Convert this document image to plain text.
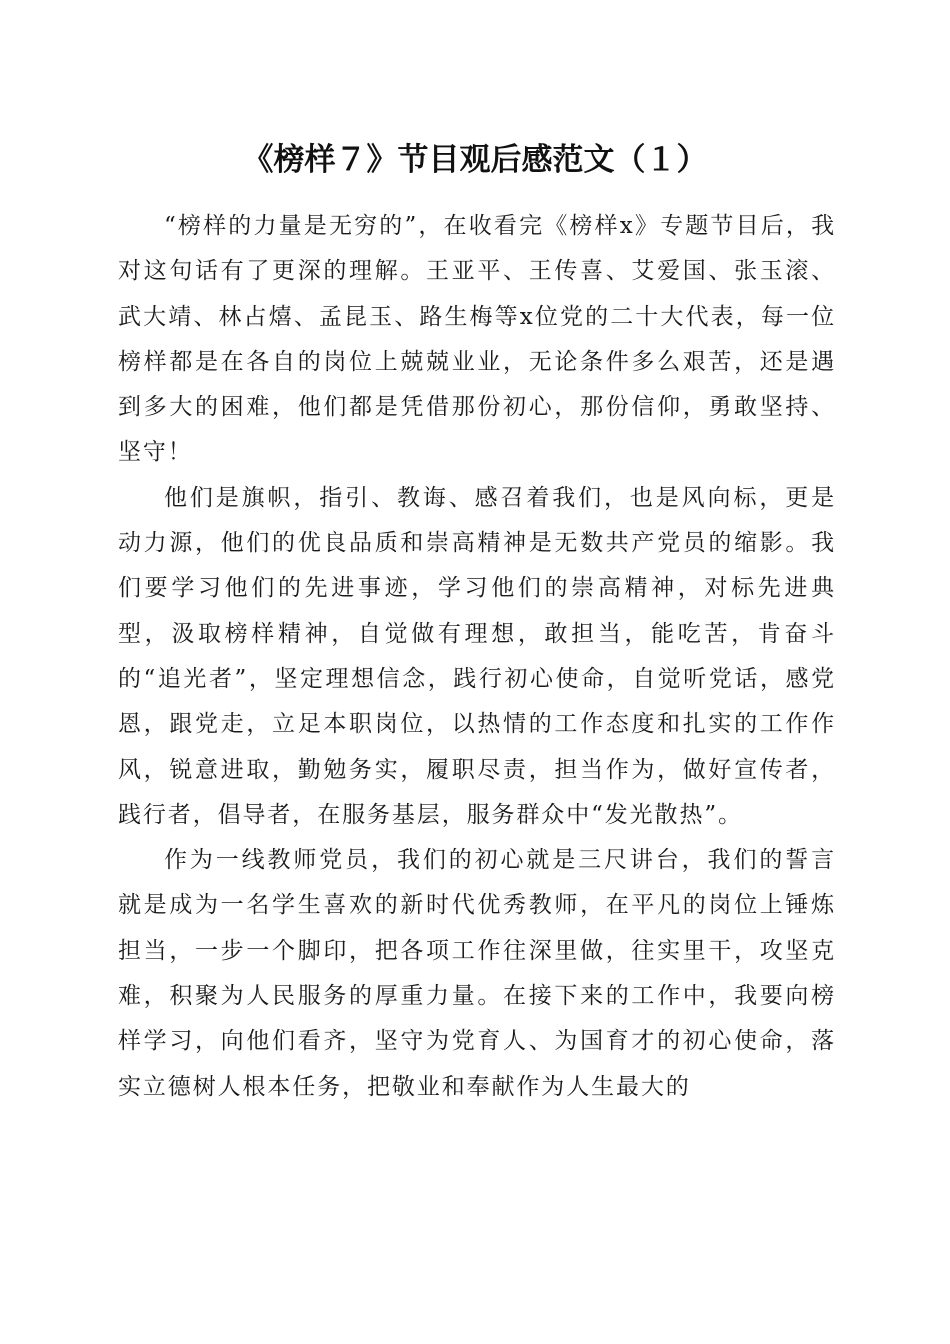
《榜样７》节目观后感范文（１）

“榜样的力量是无穷的”，在收看完《榜样x》专题节目后，我对这句话有了更深的理解。王亚平、王传喜、艾爱国、张玉滚、武大靖、林占熺、孟昆玉、路生梅等x位党的二十大代表，每一位榜样都是在各自的岗位上兢兢业业，无论条件多么艰苦，还是遇到多大的困难，他们都是凭借那份初心，那份信仰，勇敢坚持、坚守！

他们是旗帜，指引、教诲、感召着我们，也是风向标，更是动力源，他们的优良品质和崇高精神是无数共产党员的缩影。我们要学习他们的先进事迹，学习他们的崇高精神，对标先进典型，汲取榜样精神，自觉做有理想，敢担当，能吃苦，肯奋斗的“追光者”，坚定理想信念，践行初心使命，自觉听党话，感党恩，跟党走，立足本职岗位，以热情的工作态度和扎实的工作作风，锐意进取，勤勉务实，履职尽责，担当作为，做好宣传者，践行者，倡导者，在服务基层，服务群众中“发光散热”。

作为一线教师党员，我们的初心就是三尺讲台，我们的誓言就是成为一名学生喜欢的新时代优秀教师，在平凡的岗位上锤炼担当，一步一个脚印，把各项工作往深里做，往实里干，攻坚克难，积聚为人民服务的厚重力量。在接下来的工作中，我要向榜样学习，向他们看齐，坚守为党育人、为国育才的初心使命，落实立德树人根本任务，把敬业和奉献作为人生最大的
